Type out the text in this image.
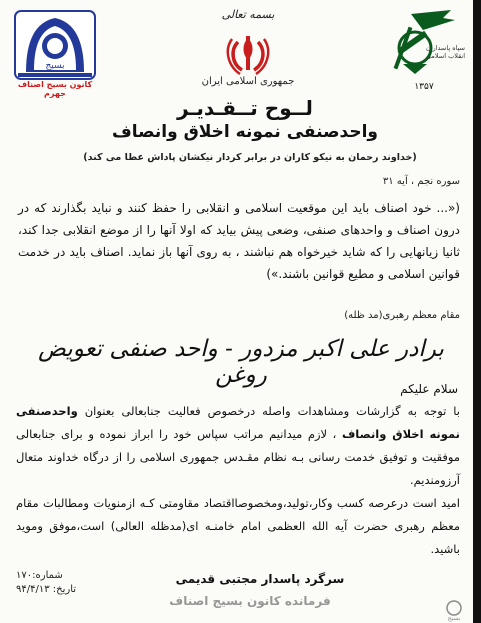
بسیج
کانون بسیج اصناف جهرم
بسمه تعالی
جمهوری اسلامی ایران
سپاه پاسداران انقلاب اسلامی
۱۳۵۷
لــوح تــقـدیـر
واحدصنفی نمونه اخلاق وانصاف
(خداوند رحمان به نیکو کاران در برابر کردار نیکشان پاداش عطا می کند)
سوره نجم ، آیه ۳۱
(«... خود اصناف باید این موقعیت اسلامی و انقلابی را حفظ کنند و نباید بگذارند که در درون اصناف و واحدهای صنفی، وضعی پیش بیاید که اولا آنها را از موضع انقلابی جدا کند، ثانیا زیانهایی را که شاید خیرخواه هم نباشند ، به روی آنها باز نماید. اصناف باید در خدمت قوانین اسلامی و مطیع قوانین باشند.»)
مقام معظم رهبری(مد ظله)
برادر علی اکبر مزدور - واحد صنفی تعویض روغن
سلام علیکم
با توجه به گزارشات ومشاهدات واصله درخصوص فعالیت جنابعالی بعنوان واحدصنفی نمونه اخلاق وانصاف ، لازم میدانیم مراتب سپاس خود را ابراز نموده و برای جنابعالی موفقیت و توفیق خدمت رسانی بـه نظام مقـدس جمهوری اسلامی را از درگاه خداوند متعال آرزومندیم.
امید است درعرصه کسب وکار،تولید،ومخصوصااقتصاد مقاومتی کـه ازمنویات ومطالبات مقام معظم رهبری حضرت آیه الله العظمی امام خامنـه ای(مدظله العالی) است،موفق وموید باشید.
شماره:۱۷۰
تاریخ: ۹۴/۴/۱۳
سرگرد پاسدار مجتبی قدیمی
فرمانده کانون بسیج اصناف
بسیج
